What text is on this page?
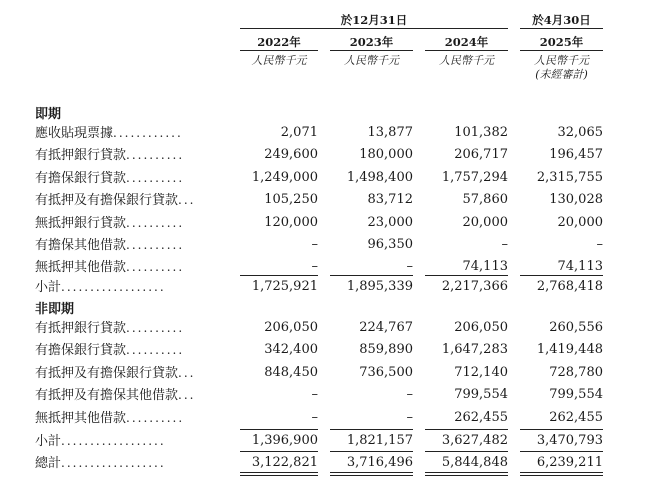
於12月31日	於4月30日
2022年	2023年	2024年	2025年
人民幣千元	人民幣千元	人民幣千元	人民幣千元
(未經審計)
即期
應收貼現票據............	2,071	13,877	101,382	32,065
有抵押銀行貸款..........	249,600	180,000	206,717	196,457
有擔保銀行貸款..........	1,249,000	1,498,400	1,757,294	2,315,755
有抵押及有擔保銀行貸款...	105,250	83,712	57,860	130,028
無抵押銀行貸款..........	120,000	23,000	20,000	20,000
有擔保其他借款..........	–	96,350	–	–
無抵押其他借款..........	–	–	74,113	74,113
小計..................	1,725,921	1,895,339	2,217,366	2,768,418
非即期
有抵押銀行貸款..........	206,050	224,767	206,050	260,556
有擔保銀行貸款..........	342,400	859,890	1,647,283	1,419,448
有抵押及有擔保銀行貸款...	848,450	736,500	712,140	728,780
有抵押及有擔保其他借款...	–	–	799,554	799,554
無抵押其他借款..........	–	–	262,455	262,455
小計..................	1,396,900	1,821,157	3,627,482	3,470,793
總計..................	3,122,821	3,716,496	5,844,848	6,239,211
